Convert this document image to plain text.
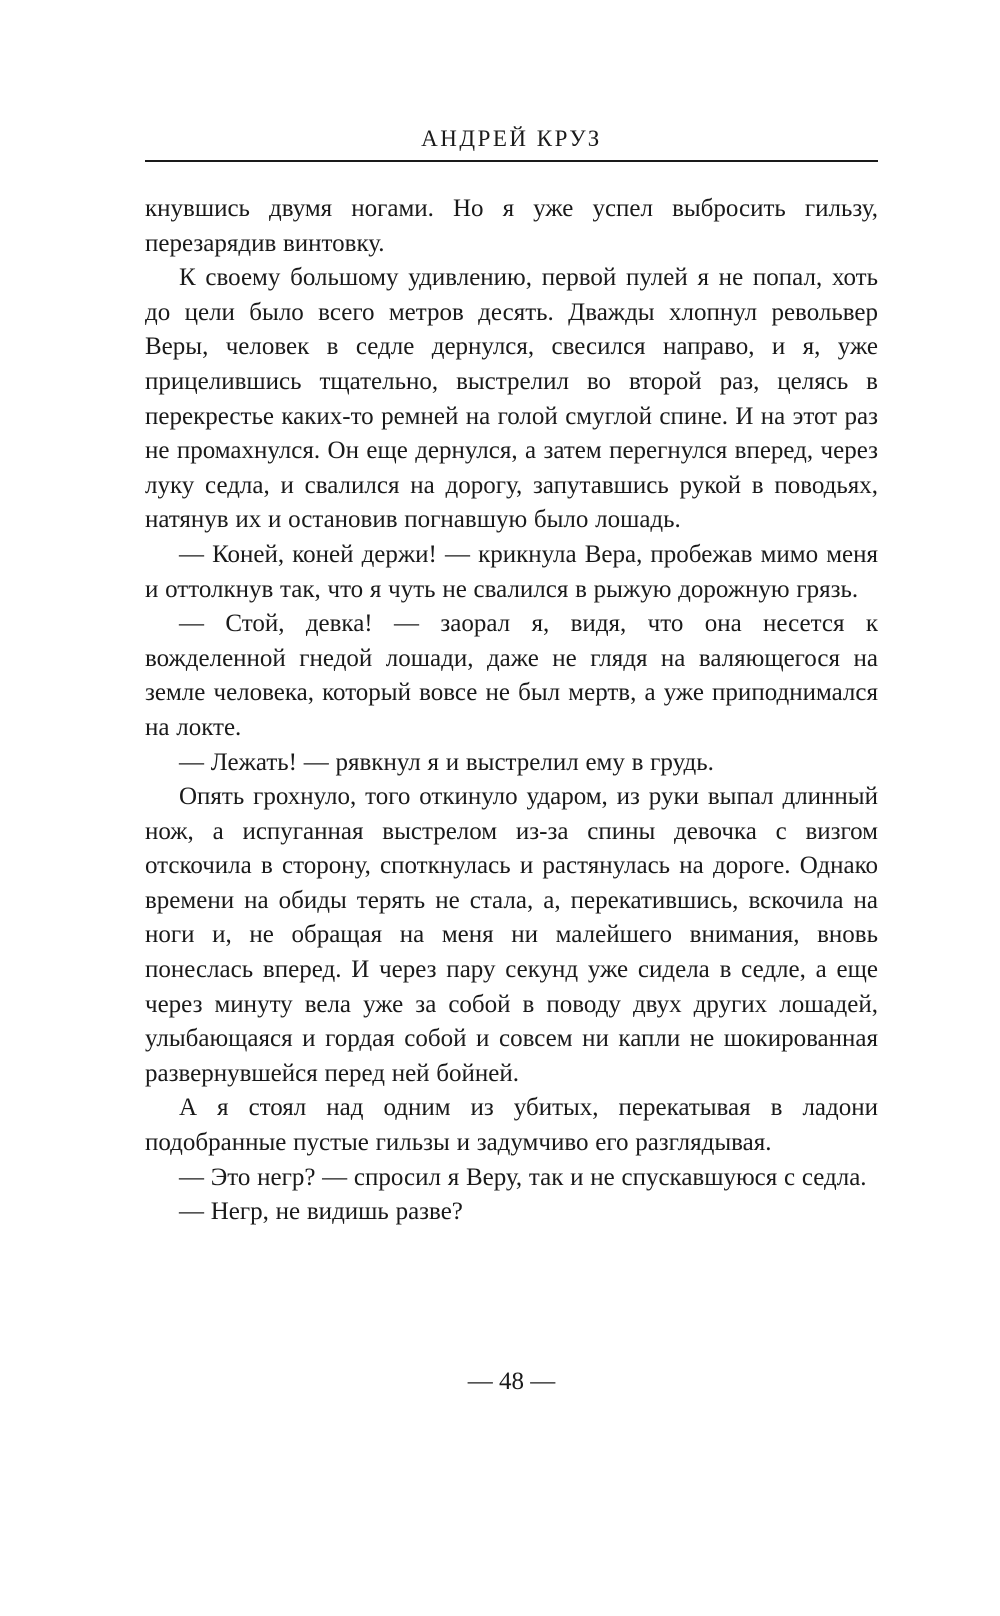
АНДРЕЙ КРУЗ

кнувшись двумя ногами. Но я уже успел выбросить гильзу, перезарядив винтовку.

К своему большому удивлению, первой пулей я не попал, хоть до цели было всего метров десять. Дважды хлопнул револьвер Веры, человек в седле дернулся, свесился направо, и я, уже прицелившись тщательно, выстрелил во второй раз, целясь в перекрестье каких-то ремней на голой смуглой спине. И на этот раз не промахнулся. Он еще дернулся, а затем перегнулся вперед, через луку седла, и свалился на дорогу, запутавшись рукой в поводьях, натянув их и остановив погнавшую было лошадь.

— Коней, коней держи! — крикнула Вера, пробежав мимо меня и оттолкнув так, что я чуть не свалился в рыжую дорожную грязь.

— Стой, девка! — заорал я, видя, что она несется к вожделенной гнедой лошади, даже не глядя на валяющегося на земле человека, который вовсе не был мертв, а уже приподнимался на локте.

— Лежать! — рявкнул я и выстрелил ему в грудь.

Опять грохнуло, того откинуло ударом, из руки выпал длинный нож, а испуганная выстрелом из-за спины девочка с визгом отскочила в сторону, споткнулась и растянулась на дороге. Однако времени на обиды терять не стала, а, перекатившись, вскочила на ноги и, не обращая на меня ни малейшего внимания, вновь понеслась вперед. И через пару секунд уже сидела в седле, а еще через минуту вела уже за собой в поводу двух других лошадей, улыбающаяся и гордая собой и совсем ни капли не шокированная развернувшейся перед ней бойней.

А я стоял над одним из убитых, перекатывая в ладони подобранные пустые гильзы и задумчиво его разглядывая.

— Это негр? — спросил я Веру, так и не спускавшуюся с седла.

— Негр, не видишь разве?

— 48 —
